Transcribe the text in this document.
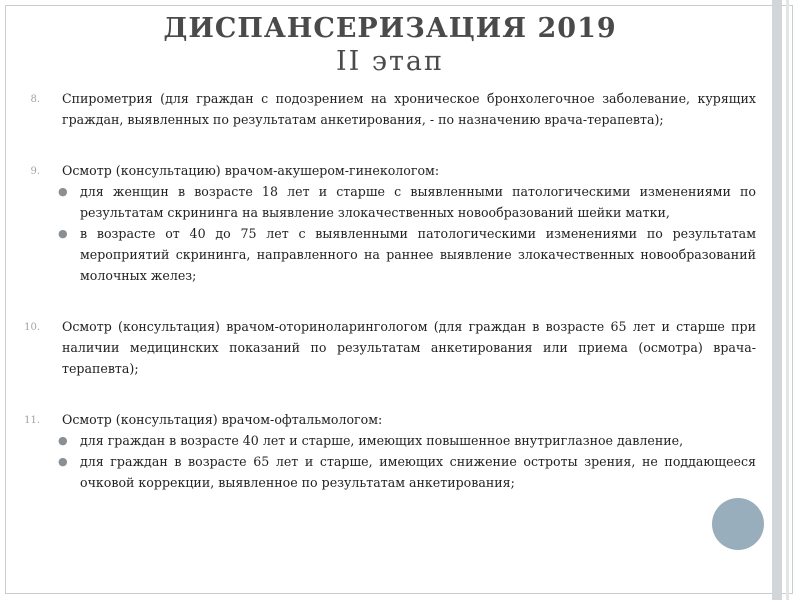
ДИСПАНСЕРИЗАЦИЯ 2019
II этап
8. Спирометрия (для граждан с подозрением на хроническое бронхолегочное заболевание, курящих граждан, выявленных по результатам анкетирования, - по назначению врача-терапевта);
9. Осмотр (консультацию) врачом-акушером-гинекологом:
● для женщин в возрасте 18 лет и старше с выявленными патологическими изменениями по результатам скрининга на выявление злокачественных новообразований шейки матки,
● в возрасте от 40 до 75 лет с выявленными патологическими изменениями по результатам мероприятий скрининга, направленного на раннее выявление злокачественных новообразований молочных желез;
10. Осмотр (консультация) врачом-оториноларингологом (для граждан в возрасте 65 лет и старше при наличии медицинских показаний по результатам анкетирования или приема (осмотра) врача-терапевта);
11. Осмотр (консультация) врачом-офтальмологом:
● для граждан в возрасте 40 лет и старше, имеющих повышенное внутриглазное давление,
● для граждан в возрасте 65 лет и старше, имеющих снижение остроты зрения, не поддающееся очковой коррекции, выявленное по результатам анкетирования;
